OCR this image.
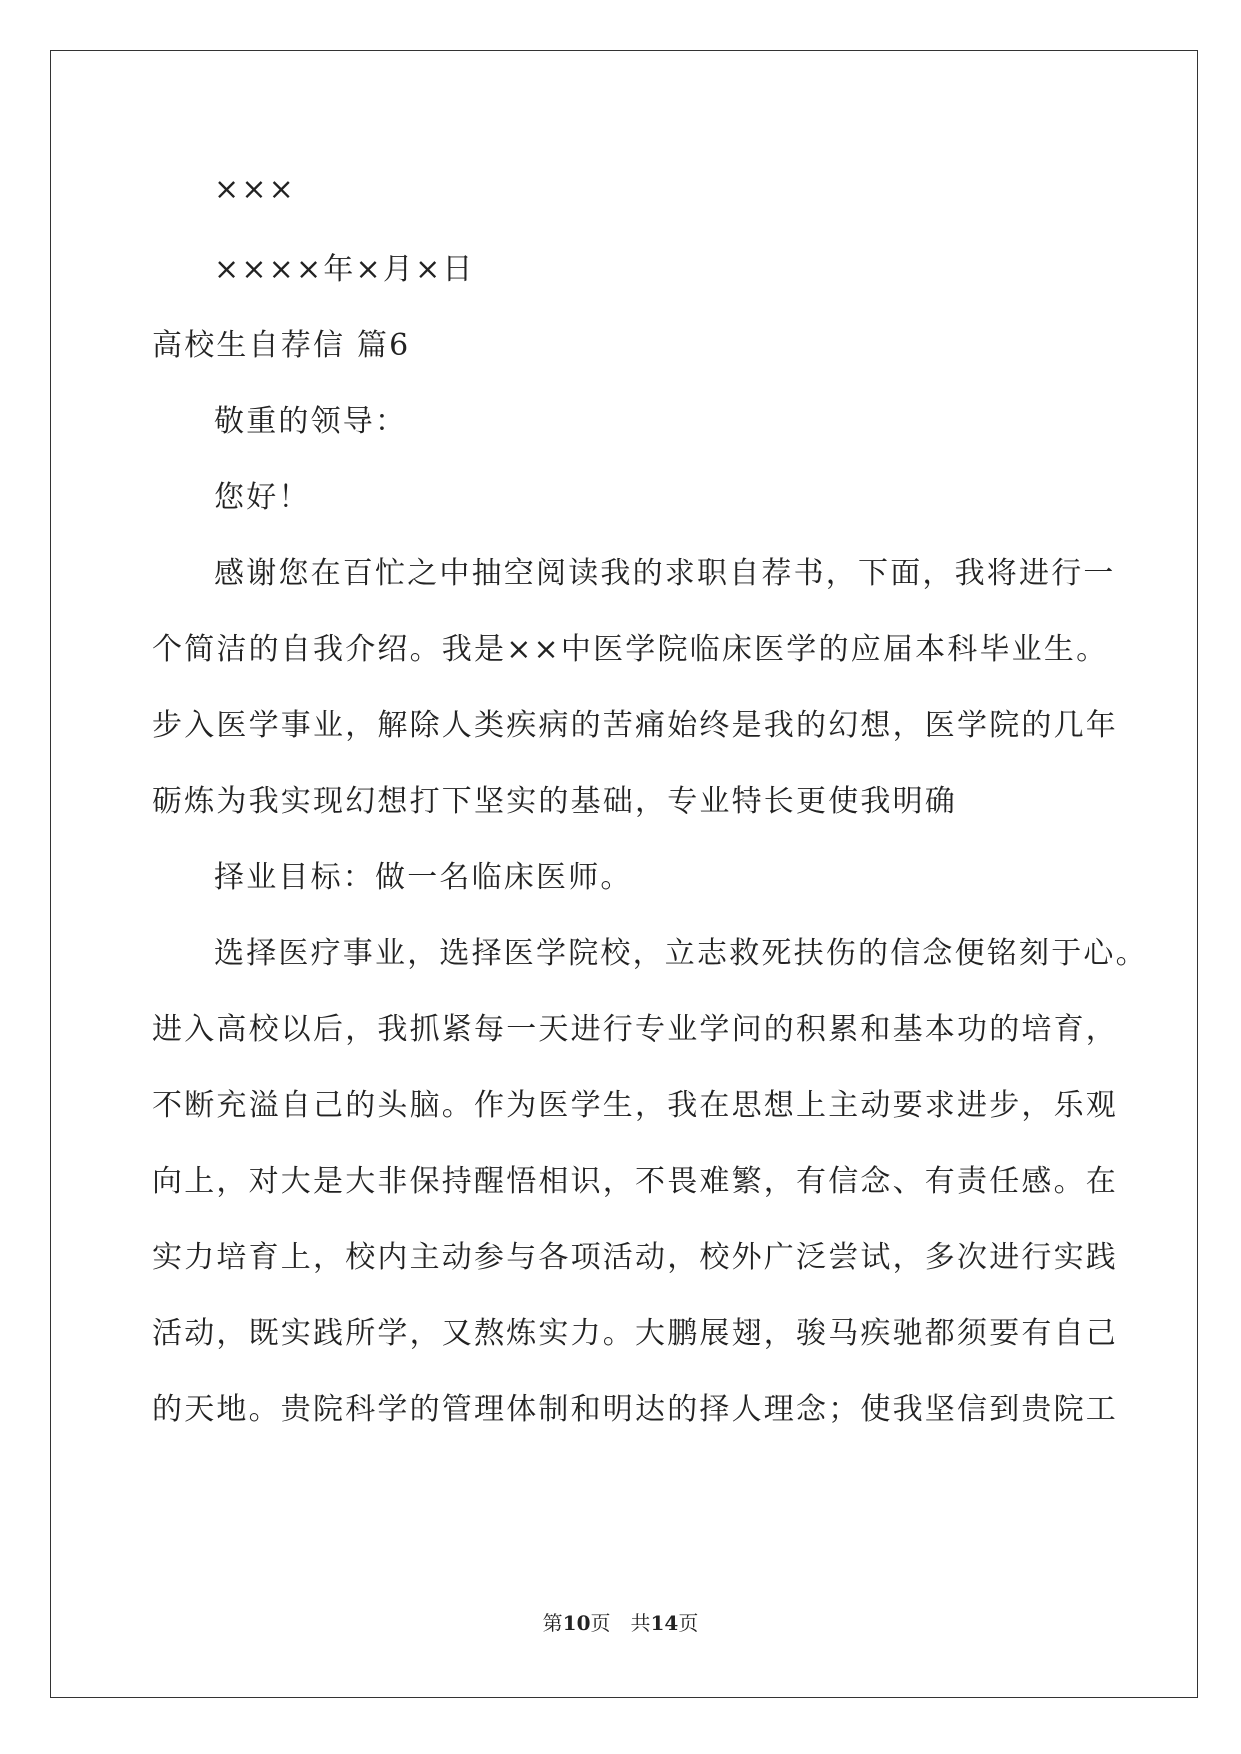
×××
××××年×月×日
高校生自荐信 篇6
敬重的领导：
您好！
感谢您在百忙之中抽空阅读我的求职自荐书，下面，我将进行一
个简洁的自我介绍。我是××中医学院临床医学的应届本科毕业生。
步入医学事业，解除人类疾病的苦痛始终是我的幻想，医学院的几年
砺炼为我实现幻想打下坚实的基础，专业特长更使我明确
择业目标：做一名临床医师。
选择医疗事业，选择医学院校，立志救死扶伤的信念便铭刻于心。
进入高校以后，我抓紧每一天进行专业学问的积累和基本功的培育，
不断充溢自己的头脑。作为医学生，我在思想上主动要求进步，乐观
向上，对大是大非保持醒悟相识，不畏难繁，有信念、有责任感。在
实力培育上，校内主动参与各项活动，校外广泛尝试，多次进行实践
活动，既实践所学，又熬炼实力。大鹏展翅，骏马疾驰都须要有自己
的天地。贵院科学的管理体制和明达的择人理念；使我坚信到贵院工
第10页　共14页
